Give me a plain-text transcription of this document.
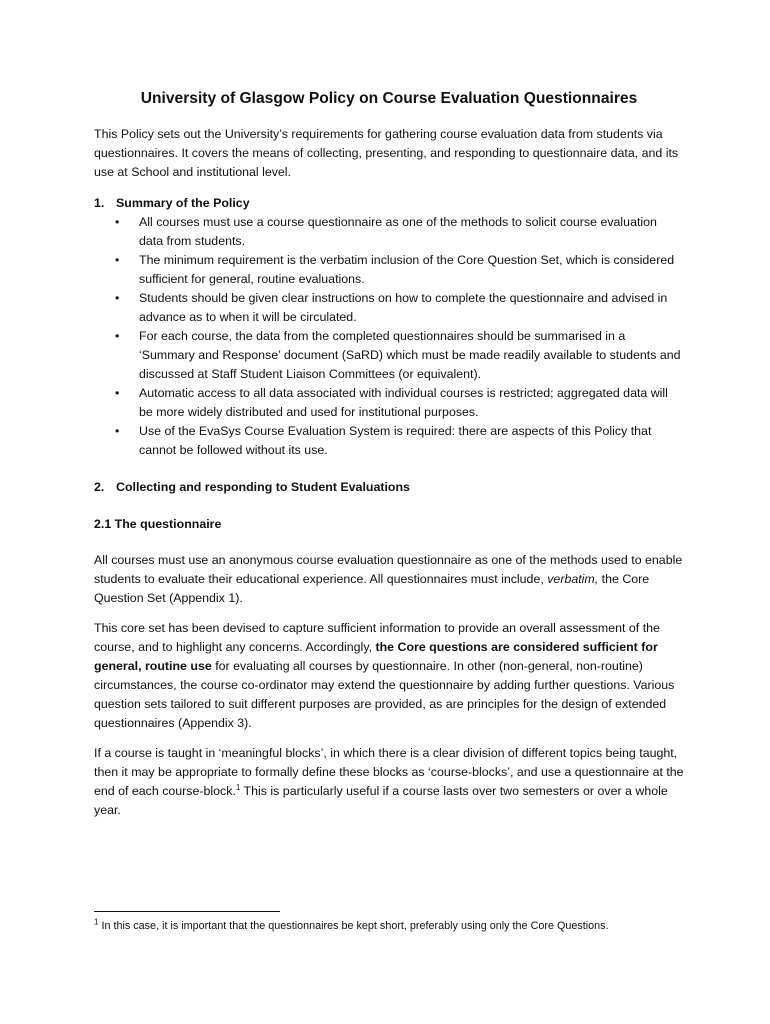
University of Glasgow Policy on Course Evaluation Questionnaires

This Policy sets out the University’s requirements for gathering course evaluation data from students via questionnaires. It covers the means of collecting, presenting, and responding to questionnaire data, and its use at School and institutional level.

1. Summary of the Policy
• All courses must use a course questionnaire as one of the methods to solicit course evaluation data from students.
• The minimum requirement is the verbatim inclusion of the Core Question Set, which is considered sufficient for general, routine evaluations.
• Students should be given clear instructions on how to complete the questionnaire and advised in advance as to when it will be circulated.
• For each course, the data from the completed questionnaires should be summarised in a ‘Summary and Response’ document (SaRD) which must be made readily available to students and discussed at Staff Student Liaison Committees (or equivalent).
• Automatic access to all data associated with individual courses is restricted; aggregated data will be more widely distributed and used for institutional purposes.
• Use of the EvaSys Course Evaluation System is required: there are aspects of this Policy that cannot be followed without its use.
2. Collecting and responding to Student Evaluations
2.1 The questionnaire

All courses must use an anonymous course evaluation questionnaire as one of the methods used to enable students to evaluate their educational experience. All questionnaires must include, verbatim, the Core Question Set (Appendix 1).

This core set has been devised to capture sufficient information to provide an overall assessment of the course, and to highlight any concerns. Accordingly, the Core questions are considered sufficient for general, routine use for evaluating all courses by questionnaire. In other (non-general, non-routine) circumstances, the course co-ordinator may extend the questionnaire by adding further questions. Various question sets tailored to suit different purposes are provided, as are principles for the design of extended questionnaires (Appendix 3).

If a course is taught in ‘meaningful blocks’, in which there is a clear division of different topics being taught, then it may be appropriate to formally define these blocks as ‘course-blocks’, and use a questionnaire at the end of each course-block.$^1$ This is particularly useful if a course lasts over two semesters or over a whole year.

$^1$ In this case, it is important that the questionnaires be kept short, preferably using only the Core Questions.
